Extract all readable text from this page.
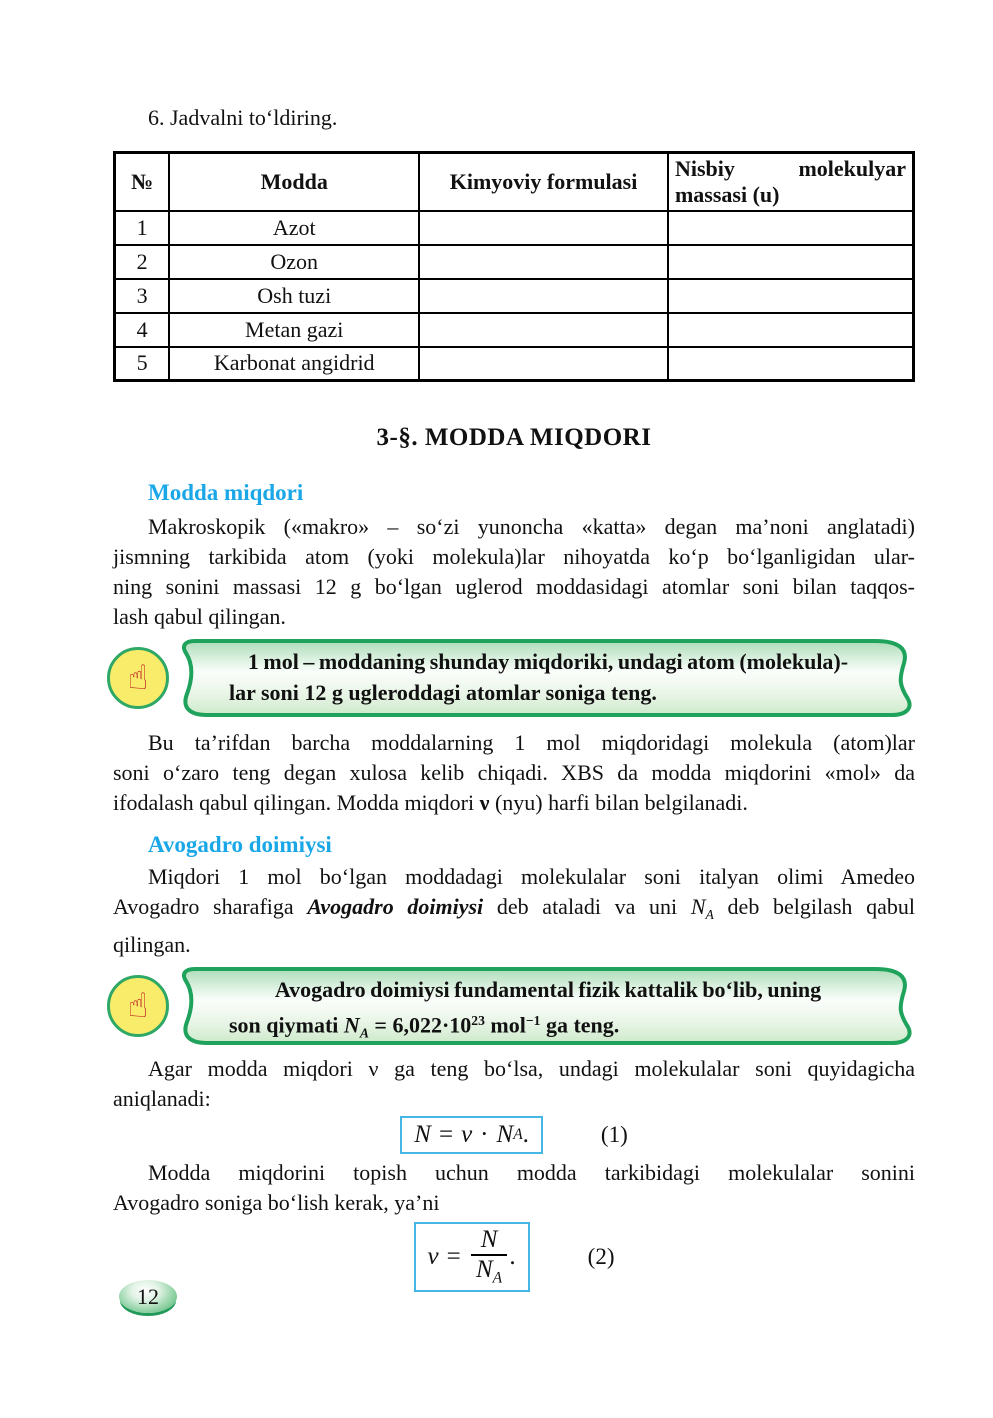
6. Jadvalni toʻldiring.
№	Modda	Kimyoviy formulasi	Nisbiy molekulyar
massasi (u)

1	Azot		
2	Ozon		
3	Osh tuzi		
4	Metan gazi		
5	Karbonat angidrid		
3-§. MODDA MIQDORI
Modda miqdori
Makroskopik («makro» – soʻzi yunoncha «katta» degan ma’noni anglatadi)
jismning tarkibida atom (yoki molekula)lar nihoyatda koʻp boʻlganligidan ular-
ning sonini massasi 12 g boʻlgan uglerod moddasidagi atomlar soni bilan taqqos-
lash qabul qilingan.
☝	1 mol – moddaning shunday miqdoriki, undagi atom (molekula)-
lar soni 12 g ugleroddagi atomlar soniga teng.
Bu ta’rifdan barcha moddalarning 1 mol miqdoridagi molekula (atom)lar
soni oʻzaro teng degan xulosa kelib chiqadi. XBS da modda miqdorini «mol» da
ifodalash qabul qilingan. Modda miqdori ν (nyu) harfi bilan belgilanadi.
Avogadro doimiysi
Miqdori 1 mol boʻlgan moddadagi molekulalar soni italyan olimi Amedeo
Avogadro sharafiga Avogadro doimiysi deb ataladi va uni $N_A$ deb belgilash qabul
qilingan.
☝	Avogadro doimiysi fundamental fizik kattalik boʻlib, uning
son qiymati $N_A = 6,022\cdot 10^{23}$ mol$^{-1}$ ga teng.
Agar modda miqdori ν ga teng boʻlsa, undagi molekulalar soni quyidagicha
aniqlanadi:
N = ν · N A .	(1)
Modda miqdorini topish uchun modda tarkibidagi molekulalar sonini
Avogadro soniga boʻlish kerak, ya’ni
$\nu = \frac{N}{N_A}$ .	(2)
12
